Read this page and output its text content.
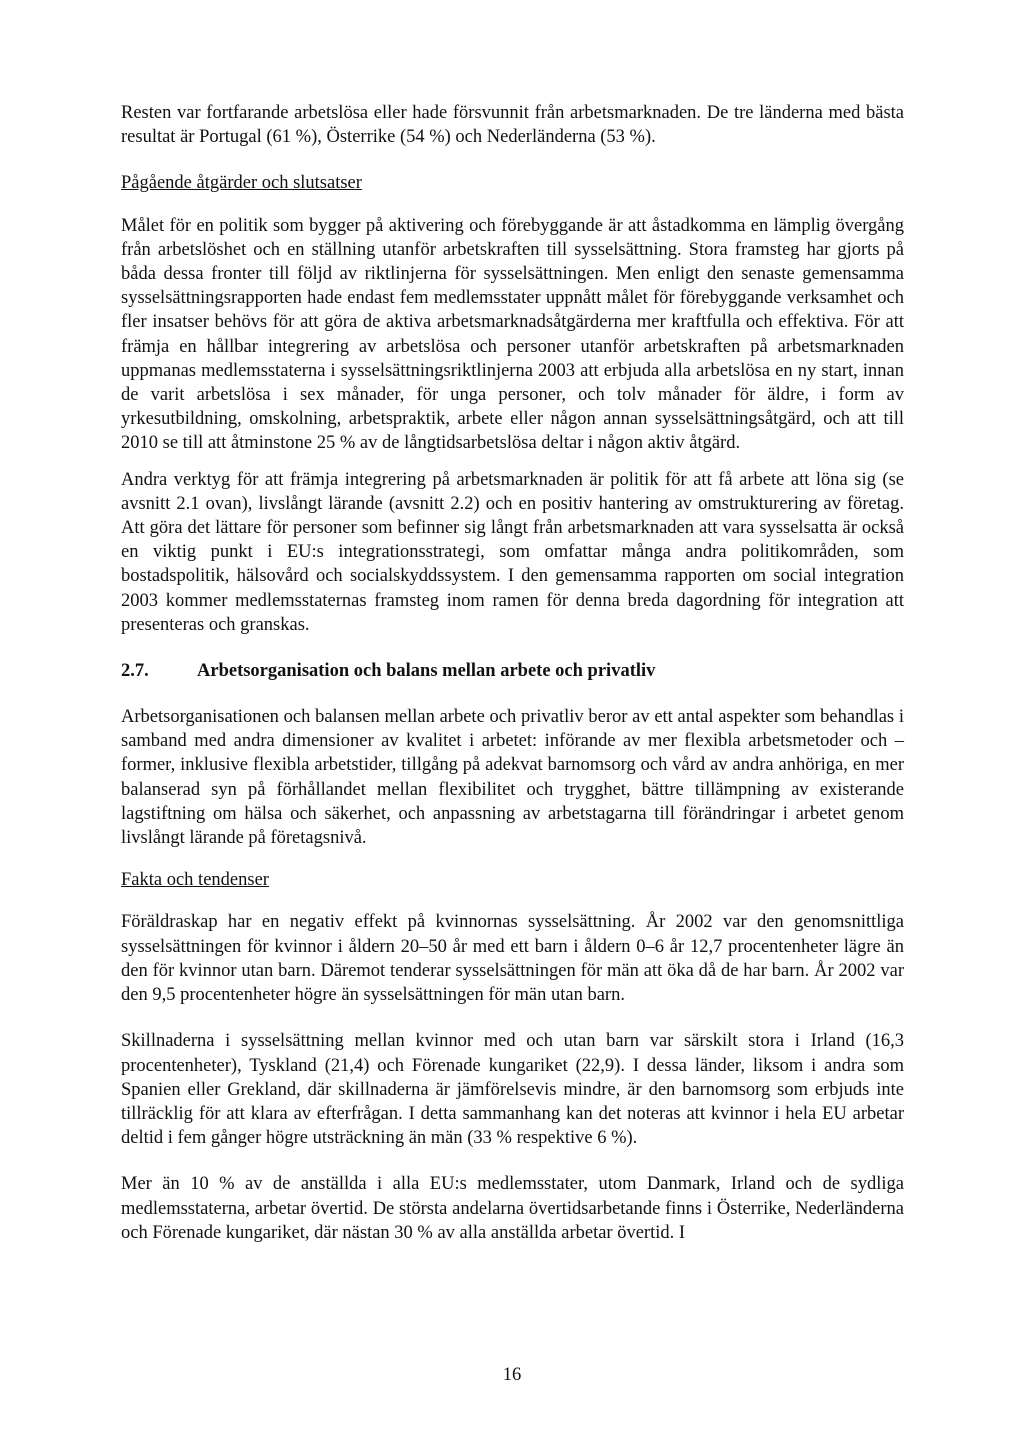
Resten var fortfarande arbetslösa eller hade försvunnit från arbetsmarknaden. De tre länderna med bästa resultat är Portugal (61 %), Österrike (54 %) och Nederländerna (53 %).

Pågående åtgärder och slutsatser

Målet för en politik som bygger på aktivering och förebyggande är att åstadkomma en lämplig övergång från arbetslöshet och en ställning utanför arbetskraften till sysselsättning. Stora framsteg har gjorts på båda dessa fronter till följd av riktlinjerna för sysselsättningen. Men enligt den senaste gemensamma sysselsättningsrapporten hade endast fem medlemsstater uppnått målet för förebyggande verksamhet och fler insatser behövs för att göra de aktiva arbetsmarknadsåtgärderna mer kraftfulla och effektiva. För att främja en hållbar integrering av arbetslösa och personer utanför arbetskraften på arbetsmarknaden uppmanas medlemsstaterna i sysselsättningsriktlinjerna 2003 att erbjuda alla arbetslösa en ny start, innan de varit arbetslösa i sex månader, för unga personer, och tolv månader för äldre, i form av yrkesutbildning, omskolning, arbetspraktik, arbete eller någon annan sysselsättningsåtgärd, och att till 2010 se till att åtminstone 25 % av de långtidsarbetslösa deltar i någon aktiv åtgärd.

Andra verktyg för att främja integrering på arbetsmarknaden är politik för att få arbete att löna sig (se avsnitt 2.1 ovan), livslångt lärande (avsnitt 2.2) och en positiv hantering av omstrukturering av företag. Att göra det lättare för personer som befinner sig långt från arbetsmarknaden att vara sysselsatta är också en viktig punkt i EU:s integrationsstrategi, som omfattar många andra politikområden, som bostadspolitik, hälsovård och socialskyddssystem. I den gemensamma rapporten om social integration 2003 kommer medlemsstaternas framsteg inom ramen för denna breda dagordning för integration att presenteras och granskas.

2.7.	Arbetsorganisation och balans mellan arbete och privatliv

Arbetsorganisationen och balansen mellan arbete och privatliv beror av ett antal aspekter som behandlas i samband med andra dimensioner av kvalitet i arbetet: införande av mer flexibla arbetsmetoder och –former, inklusive flexibla arbetstider, tillgång på adekvat barnomsorg och vård av andra anhöriga, en mer balanserad syn på förhållandet mellan flexibilitet och trygghet, bättre tillämpning av existerande lagstiftning om hälsa och säkerhet, och anpassning av arbetstagarna till förändringar i arbetet genom livslångt lärande på företagsnivå.

Fakta och tendenser

Föräldraskap har en negativ effekt på kvinnornas sysselsättning. År 2002 var den genomsnittliga sysselsättningen för kvinnor i åldern 20–50 år med ett barn i åldern 0–6 år 12,7 procentenheter lägre än den för kvinnor utan barn. Däremot tenderar sysselsättningen för män att öka då de har barn. År 2002 var den 9,5 procentenheter högre än sysselsättningen för män utan barn.

Skillnaderna i sysselsättning mellan kvinnor med och utan barn var särskilt stora i Irland (16,3 procentenheter), Tyskland (21,4) och Förenade kungariket (22,9). I dessa länder, liksom i andra som Spanien eller Grekland, där skillnaderna är jämförelsevis mindre, är den barnomsorg som erbjuds inte tillräcklig för att klara av efterfrågan. I detta sammanhang kan det noteras att kvinnor i hela EU arbetar deltid i fem gånger högre utsträckning än män (33 % respektive 6 %).

Mer än 10 % av de anställda i alla EU:s medlemsstater, utom Danmark, Irland och de sydliga medlemsstaterna, arbetar övertid. De största andelarna övertidsarbetande finns i Österrike, Nederländerna och Förenade kungariket, där nästan 30 % av alla anställda arbetar övertid. I

16
